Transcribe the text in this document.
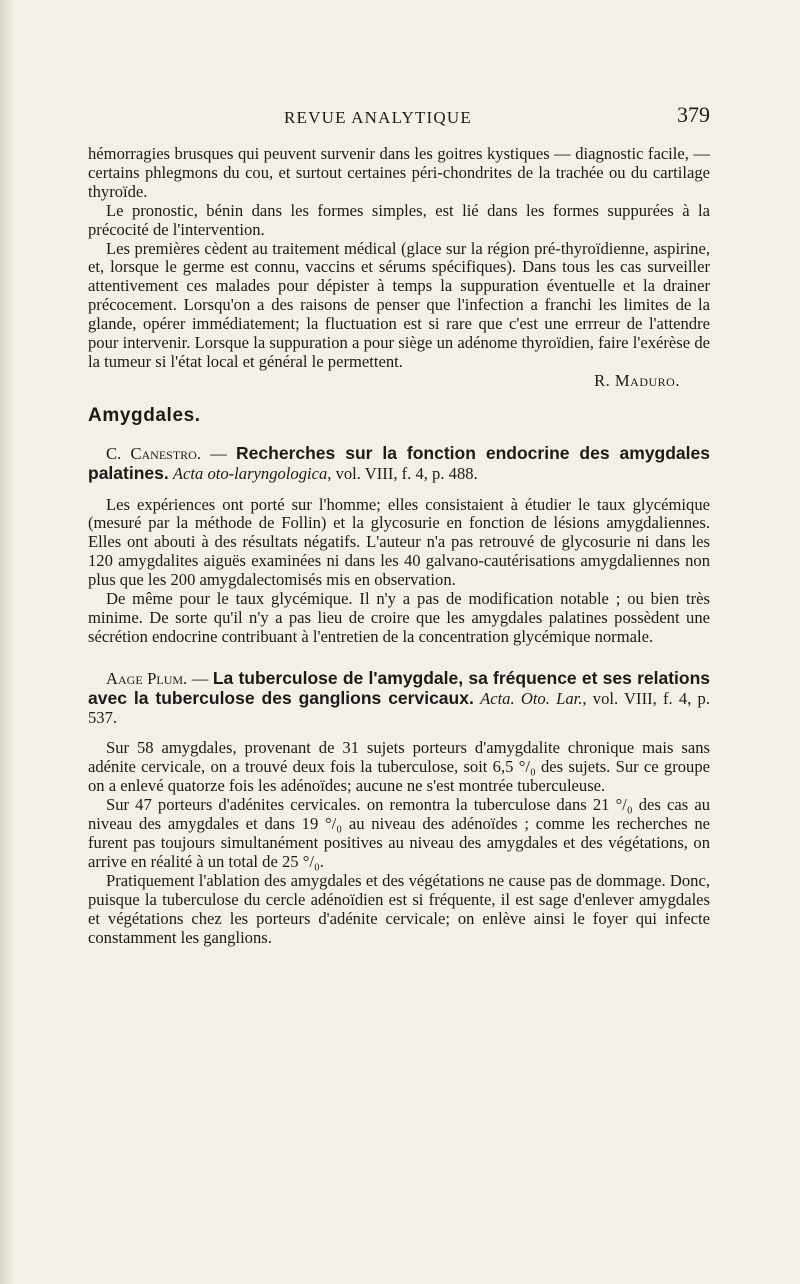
REVUE ANALYTIQUE	379

hémorragies brusques qui peuvent survenir dans les goitres kystiques — diagnostic facile, — certains phlegmons du cou, et surtout certaines péri-chondrites de la trachée ou du cartilage thyroïde.

Le pronostic, bénin dans les formes simples, est lié dans les formes suppurées à la précocité de l'intervention.

Les premières cèdent au traitement médical (glace sur la région pré-thyroïdienne, aspirine, et, lorsque le germe est connu, vaccins et sérums spécifiques). Dans tous les cas surveiller attentivement ces malades pour dépister à temps la suppuration éventuelle et la drainer précocement. Lorsqu'on a des raisons de penser que l'infection a franchi les limites de la glande, opérer immédiatement; la fluctuation est si rare que c'est une errreur de l'attendre pour intervenir. Lorsque la suppuration a pour siège un adénome thyroïdien, faire l'exérèse de la tumeur si l'état local et général le permettent.

R. Maduro.

Amygdales.

C. Canestro. — Recherches sur la fonction endocrine des amygdales palatines. Acta oto-laryngologica, vol. VIII, f. 4, p. 488.

Les expériences ont porté sur l'homme; elles consistaient à étudier le taux glycémique (mesuré par la méthode de Follin) et la glycosurie en fonction de lésions amygdaliennes. Elles ont abouti à des résultats négatifs. L'auteur n'a pas retrouvé de glycosurie ni dans les 120 amygdalites aiguës examinées ni dans les 40 galvano-cautérisations amygdaliennes non plus que les 200 amygdalectomisés mis en observation.

De même pour le taux glycémique. Il n'y a pas de modification notable ; ou bien très minime. De sorte qu'il n'y a pas lieu de croire que les amygdales palatines possèdent une sécrétion endocrine contribuant à l'entretien de la concentration glycémique normale.

Aage Plum. — La tuberculose de l'amygdale, sa fréquence et ses relations avec la tuberculose des ganglions cervicaux. Acta. Oto. Lar., vol. VIII, f. 4, p. 537.

Sur 58 amygdales, provenant de 31 sujets porteurs d'amygdalite chronique mais sans adénite cervicale, on a trouvé deux fois la tuberculose, soit 6,5 °/₀ des sujets. Sur ce groupe on a enlevé quatorze fois les adénoïdes; aucune ne s'est montrée tuberculeuse.

Sur 47 porteurs d'adénites cervicales. on remontra la tuberculose dans 21 °/₀ des cas au niveau des amygdales et dans 19 °/₀ au niveau des adénoïdes ; comme les recherches ne furent pas toujours simultanément positives au niveau des amygdales et des végétations, on arrive en réalité à un total de 25 °/₀.

Pratiquement l'ablation des amygdales et des végétations ne cause pas de dommage. Donc, puisque la tuberculose du cercle adénoïdien est si fréquente, il est sage d'enlever amygdales et végétations chez les porteurs d'adénite cervicale; on enlève ainsi le foyer qui infecte constamment les ganglions.
